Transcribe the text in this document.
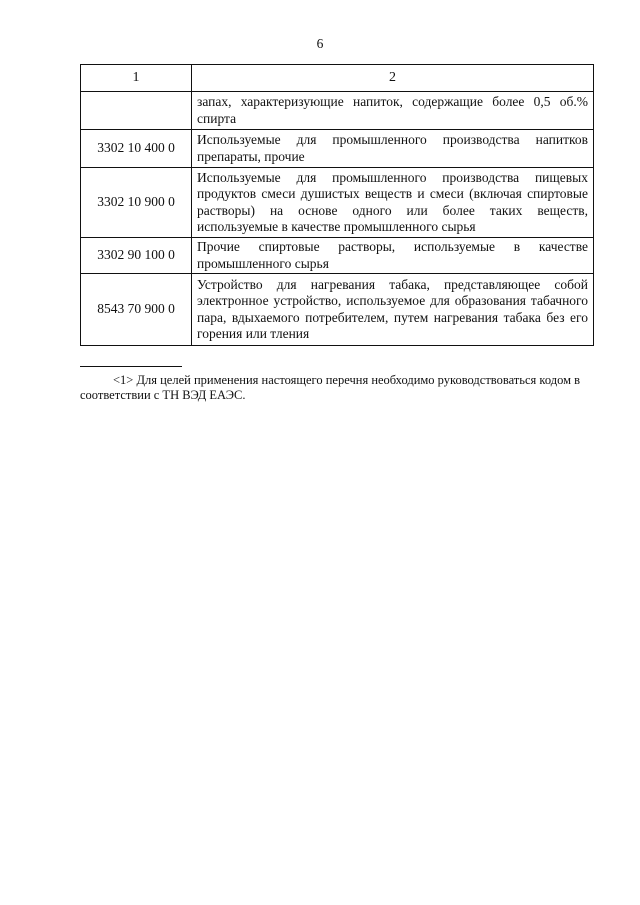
6
1	2
	запах, характеризующие напиток, содержащие более 0,5 об.% спирта
3302 10 400 0	Используемые для промышленного производства напитков препараты, прочие
3302 10 900 0	Используемые для промышленного производства пищевых продуктов смеси душистых веществ и смеси (включая спиртовые растворы) на основе одного или более таких веществ, используемые в качестве промышленного сырья
3302 90 100 0	Прочие спиртовые растворы, используемые в качестве промышленного сырья
8543 70 900 0	Устройство для нагревания табака, представляющее собой электронное устройство, используемое для образования табачного пара, вдыхаемого потребителем, путем нагревания табака без его горения или тления
<1> Для целей применения настоящего перечня необходимо руководствоваться кодом в соответствии с ТН ВЭД ЕАЭС.
